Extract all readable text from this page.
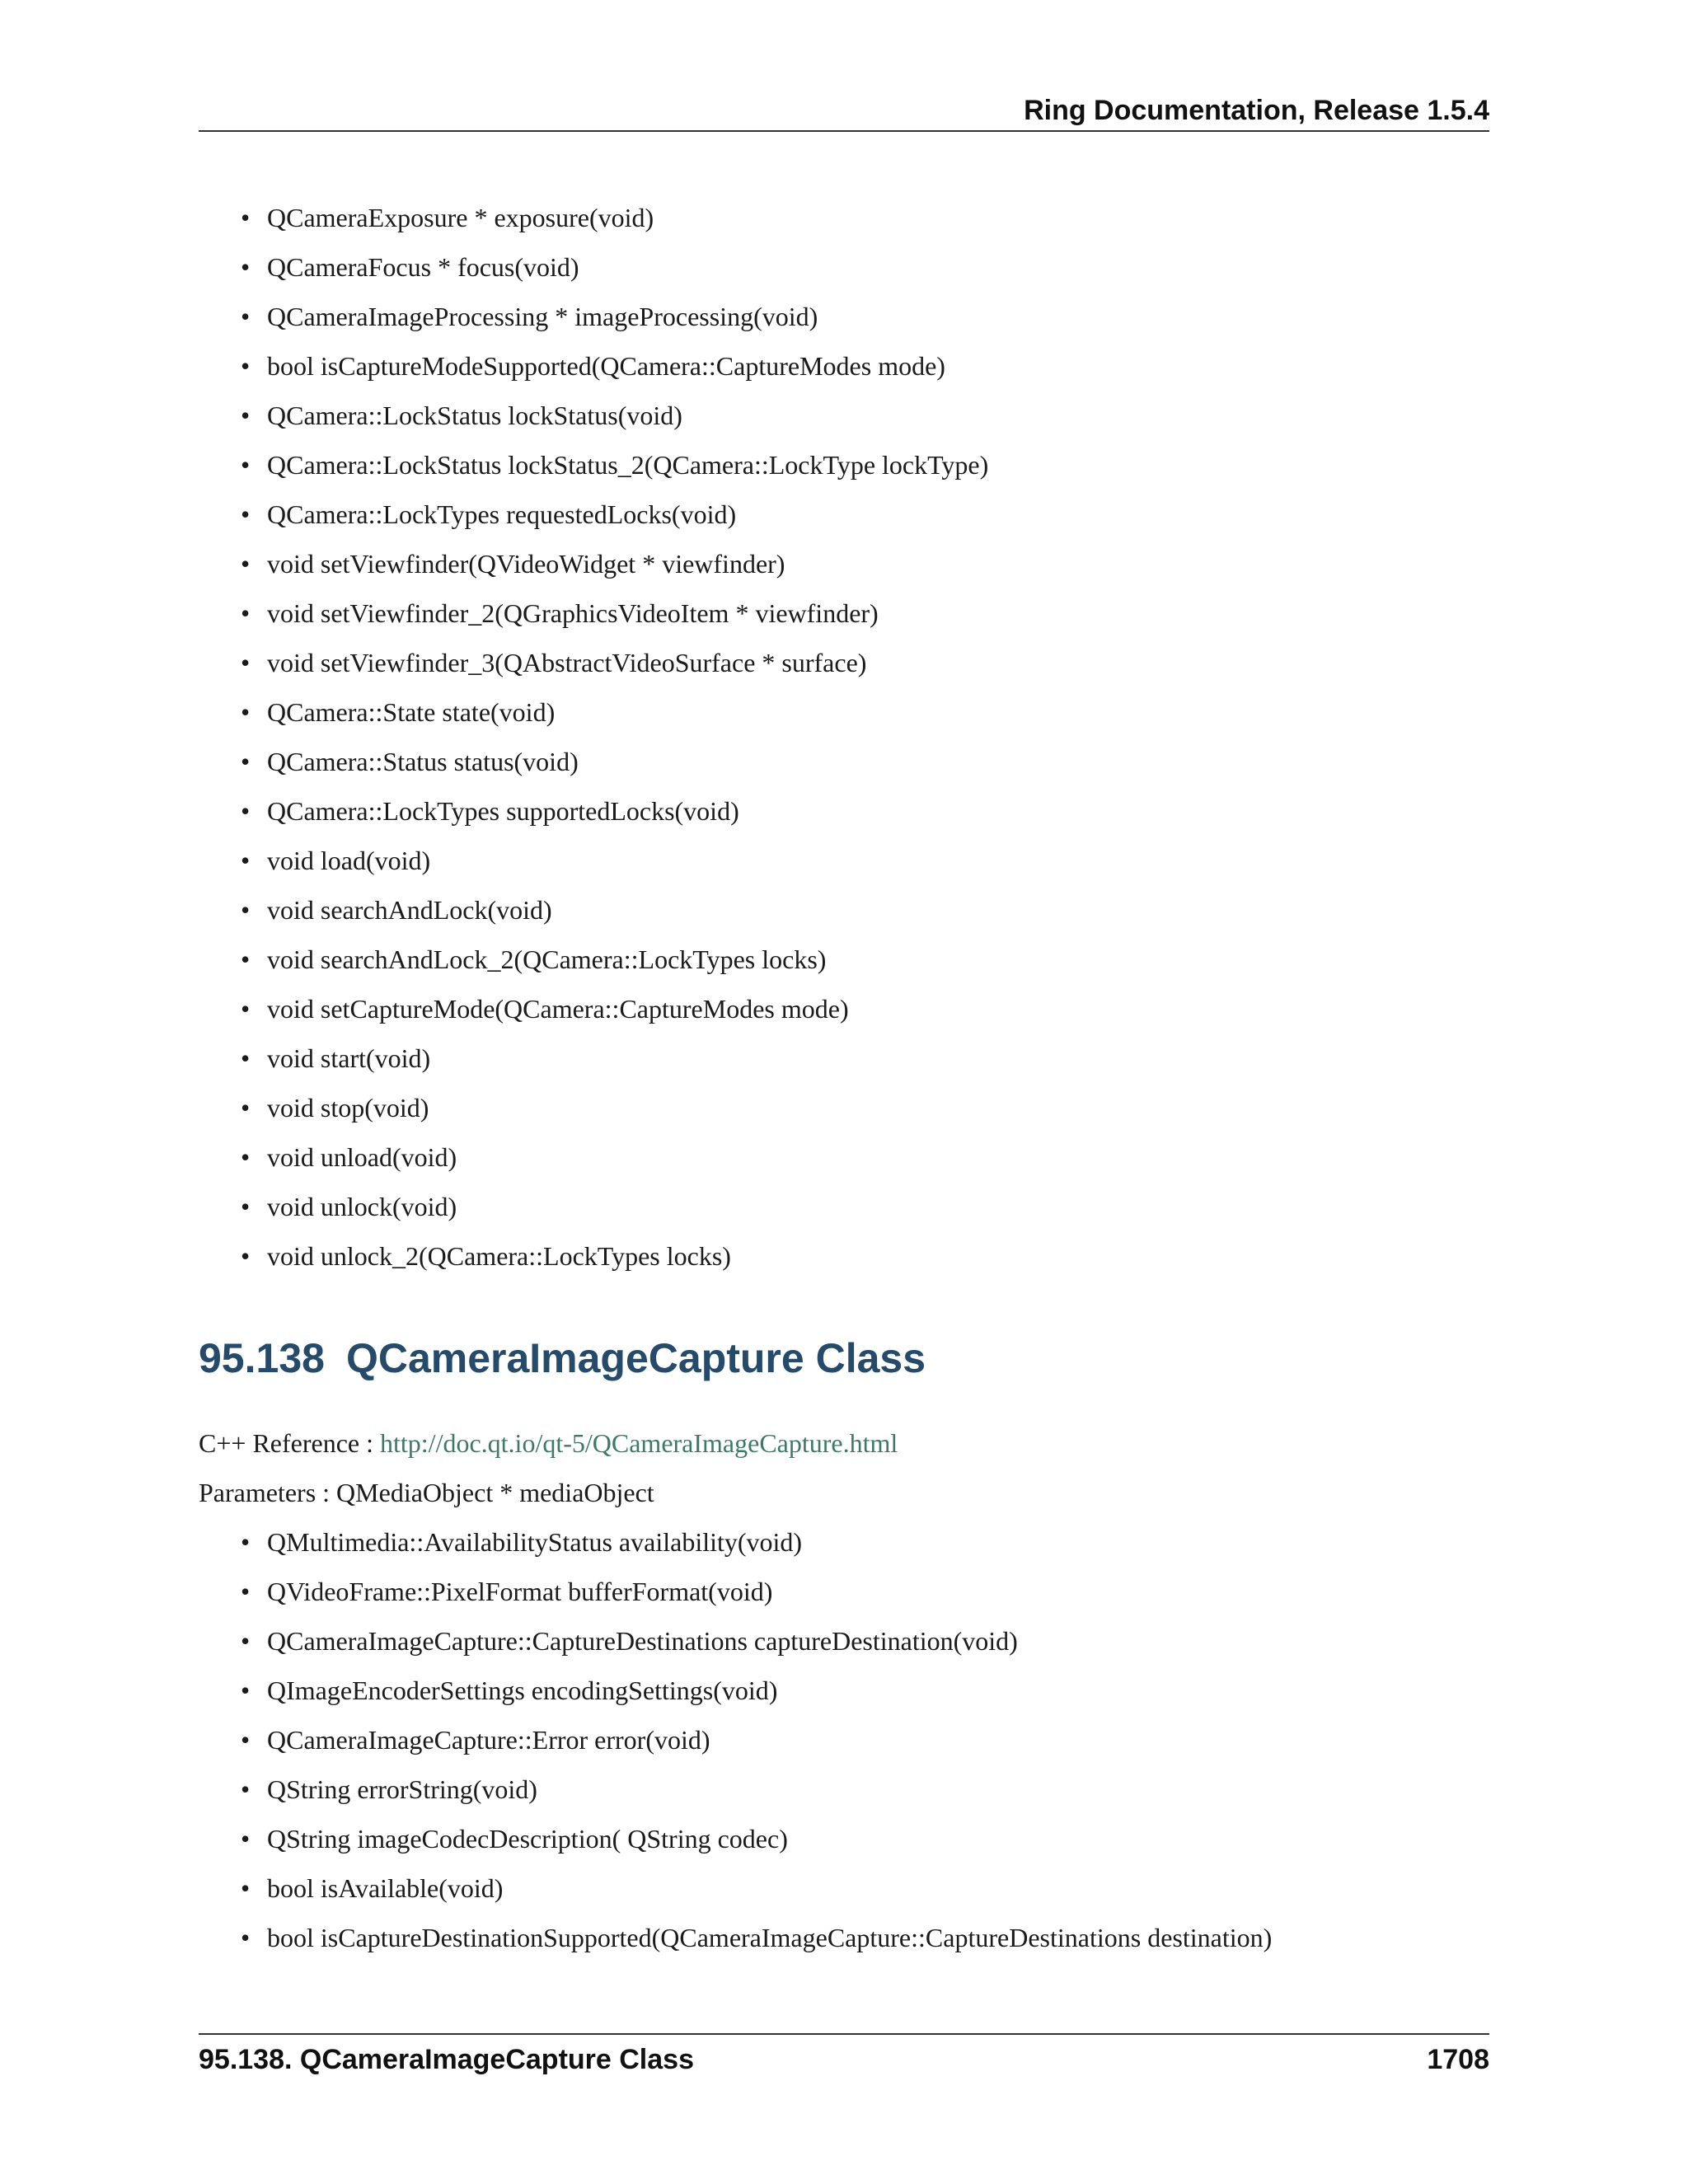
Ring Documentation, Release 1.5.4
• QCameraExposure * exposure(void)
• QCameraFocus * focus(void)
• QCameraImageProcessing * imageProcessing(void)
• bool isCaptureModeSupported(QCamera::CaptureModes mode)
• QCamera::LockStatus lockStatus(void)
• QCamera::LockStatus lockStatus_2(QCamera::LockType lockType)
• QCamera::LockTypes requestedLocks(void)
• void setViewfinder(QVideoWidget * viewfinder)
• void setViewfinder_2(QGraphicsVideoItem * viewfinder)
• void setViewfinder_3(QAbstractVideoSurface * surface)
• QCamera::State state(void)
• QCamera::Status status(void)
• QCamera::LockTypes supportedLocks(void)
• void load(void)
• void searchAndLock(void)
• void searchAndLock_2(QCamera::LockTypes locks)
• void setCaptureMode(QCamera::CaptureModes mode)
• void start(void)
• void stop(void)
• void unload(void)
• void unlock(void)
• void unlock_2(QCamera::LockTypes locks)
95.138 QCameraImageCapture Class
C++ Reference : http://doc.qt.io/qt-5/QCameraImageCapture.html
Parameters : QMediaObject * mediaObject
• QMultimedia::AvailabilityStatus availability(void)
• QVideoFrame::PixelFormat bufferFormat(void)
• QCameraImageCapture::CaptureDestinations captureDestination(void)
• QImageEncoderSettings encodingSettings(void)
• QCameraImageCapture::Error error(void)
• QString errorString(void)
• QString imageCodecDescription( QString codec)
• bool isAvailable(void)
• bool isCaptureDestinationSupported(QCameraImageCapture::CaptureDestinations destination)
95.138. QCameraImageCapture Class	1708
